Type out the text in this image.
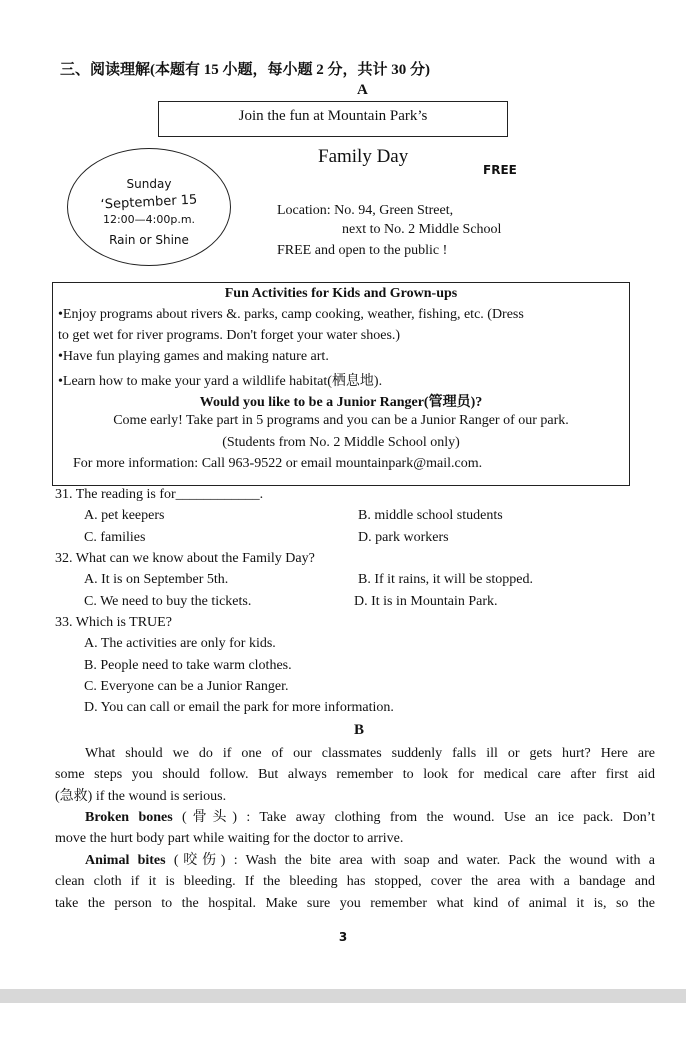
三、阅读理解(本题有 15 小题，每小题 2 分，共计 30 分)
A
Join the fun at Mountain Park’s
Family Day
FREE
Sunday
‘September 15
12:00—4:00p.m.
Rain or Shine
Location: No. 94, Green Street,
next to No. 2 Middle School
FREE and open to the public !
Fun Activities for Kids and Grown-ups
•Enjoy programs about rivers &. parks, camp cooking, weather, fishing, etc. (Dress
to get wet for river programs. Don't forget your water shoes.)
•Have fun playing games and making nature art.
•Learn how to make your yard a wildlife habitat(栖息地).
Would you like to be a Junior Ranger(管理员)?
Come early! Take part in 5 programs and you can be a Junior Ranger of our park.
(Students from No. 2 Middle School only)
For more information: Call 963-9522 or email mountainpark@mail.com.
31. The reading is for____________.
A. pet keepers	B. middle school students
C. families	D. park workers
32. What can we know about the Family Day?
A. It is on September 5th.	B. If it rains, it will be stopped.
C. We need to buy the tickets.	D. It is in Mountain Park.
33. Which is TRUE?
A. The activities are only for kids.
B. People need to take warm clothes.
C. Everyone can be a Junior Ranger.
D. You can call or email the park for more information.
B
What should we do if one of our classmates suddenly falls ill or gets hurt? Here are
some steps you should follow. But always remember to look for medical care after first aid
(急救) if the wound is serious.
Broken bones (骨头) : Take away clothing from the wound. Use an ice pack. Don’t
move the hurt body part while waiting for the doctor to arrive.
Animal bites (咬伤) : Wash the bite area with soap and water. Pack the wound with a
clean cloth if it is bleeding. If the bleeding has stopped, cover the area with a bandage and
take the person to the hospital. Make sure you remember what kind of animal it is, so the
3
